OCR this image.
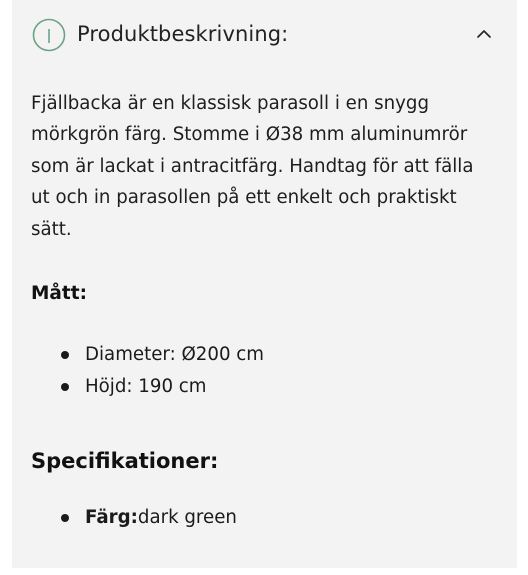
Produktbeskrivning:

Fjällbacka är en klassisk parasoll i en snygg mörkgrön färg. Stomme i Ø38 mm aluminumrör som är lackat i antracitfärg. Handtag för att fälla ut och in parasollen på ett enkelt och praktiskt sätt.

Mått:
Diameter: Ø200 cm
Höjd: 190 cm
Specifikationer:
Färg:dark green
